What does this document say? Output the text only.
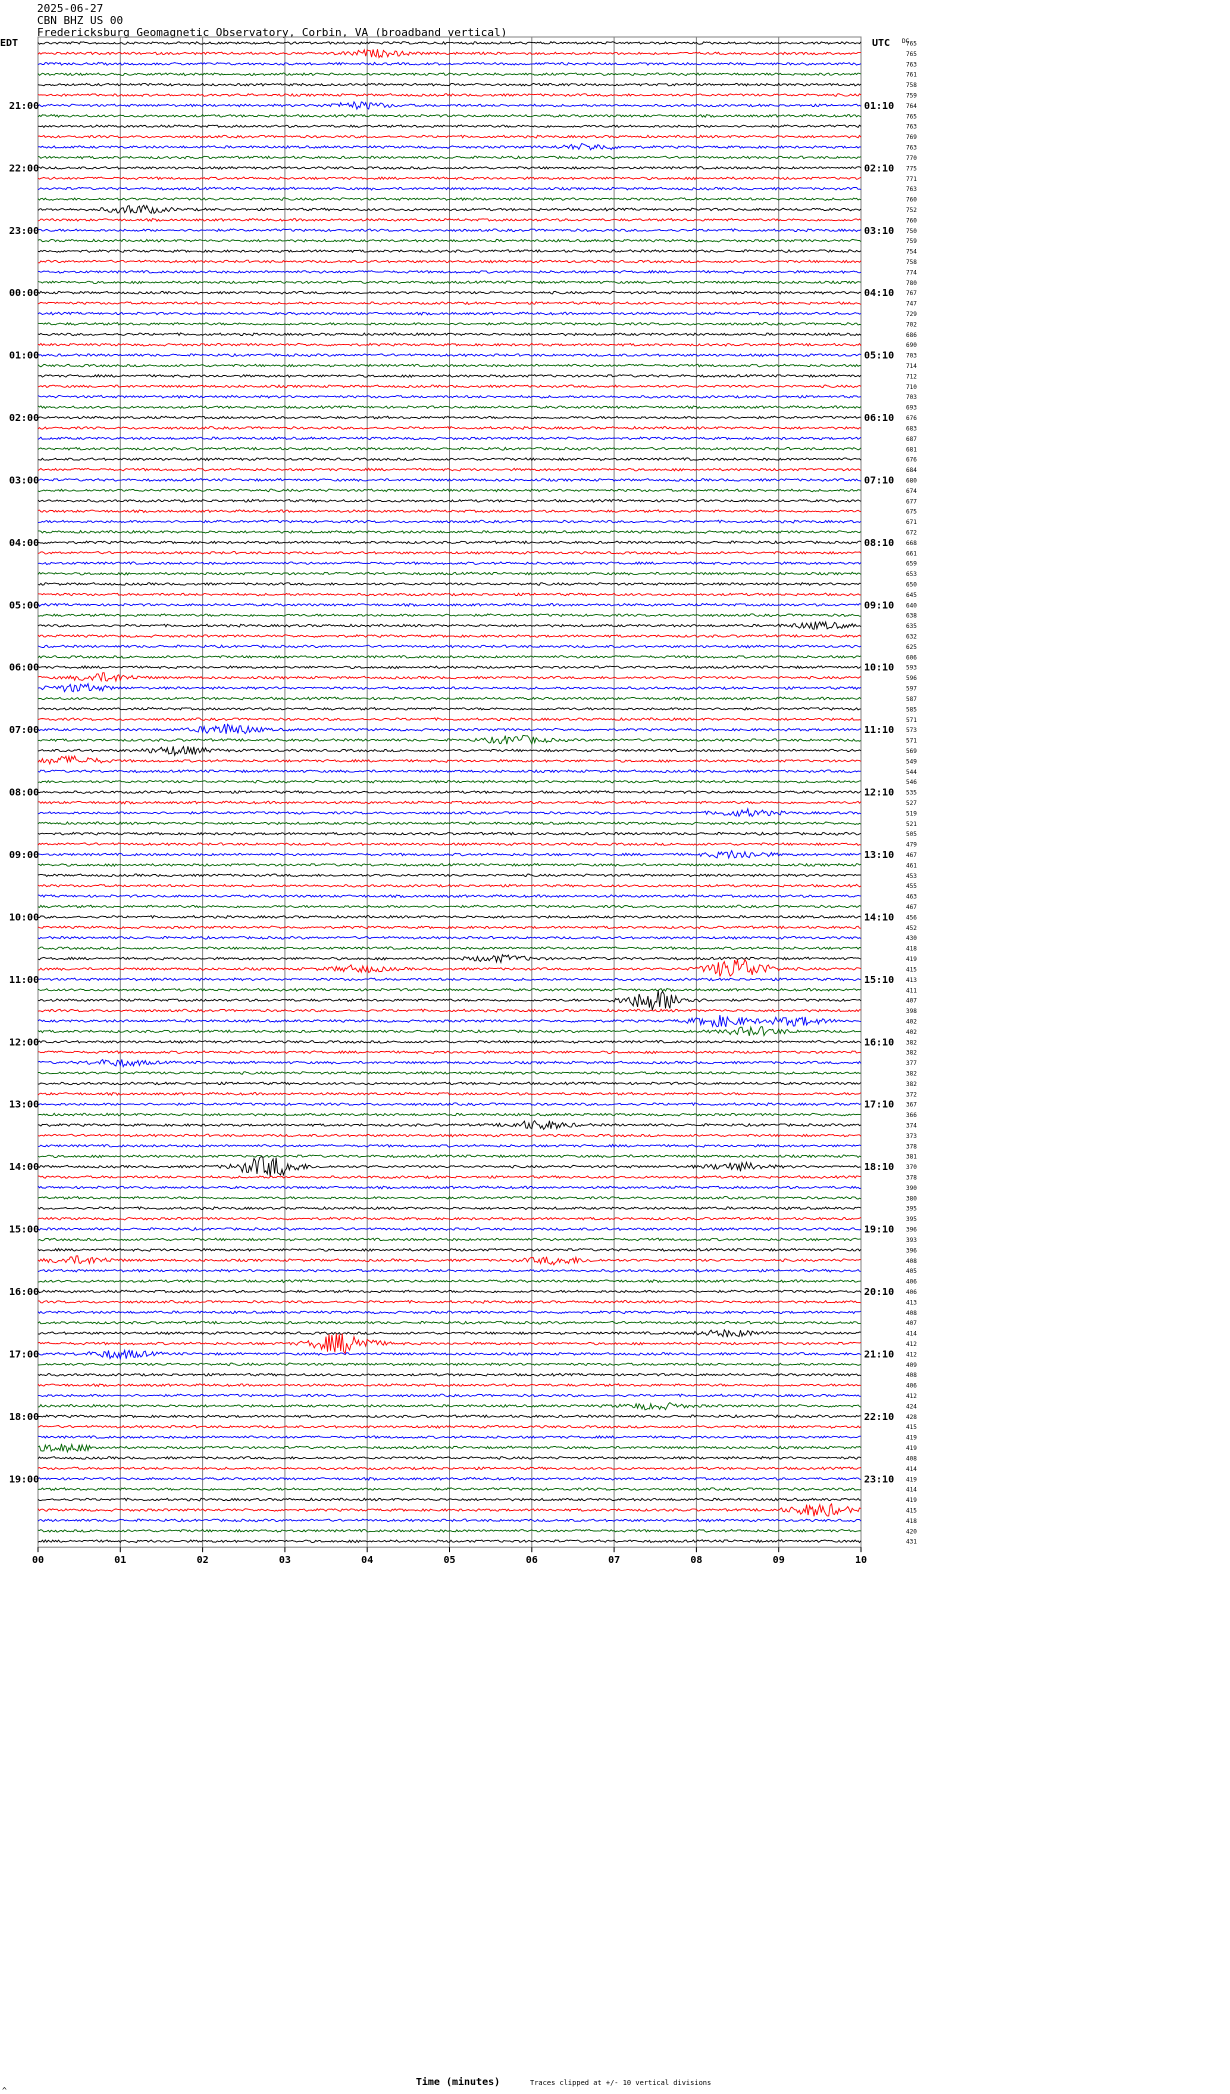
2025-06-27
CBN BHZ US 00
Fredericksburg Geomagnetic Observatory, Corbin, VA (broadband vertical)
EDT	UTC DC
Time (minutes)	Traces clipped at +/- 10 vertical divisions
^
00	01	02	03	04	05	06	07	08	09	10
765
765
763
761
758
759
764
765
763
769
763
770
775
771
763
760
752
760
750
759
754
758
774
780
767
747
729
702
686
690
703
714
712
710
703
693
676
683
687
681
676
684
680
674
677
675
671
672
668
661
659
653
650
645
640
638
635
632
625
606
593
596
597
587
585
571
573
571
569
549
544
546
535
527
519
521
505
479
467
461
453
455
463
467
456
452
430
418
419
415
413
411
407
398
402
402
382
382
377
382
382
372
367
366
374
373
378
381
370
378
390
380
395
395
396
393
396
408
405
406
406
413
408
407
414
412
412
409
408
406
412
424
428
415
419
419
408
414
419
414
419
415
418
420
431
21:00
22:00
23:00
00:00
01:00
02:00
03:00
04:00
05:00
06:00
07:00
08:00
09:00
10:00
11:00
12:00
13:00
14:00
15:00
16:00
17:00
18:00
19:00
01:10
02:10
03:10
04:10
05:10
06:10
07:10
08:10
09:10
10:10
11:10
12:10
13:10
14:10
15:10
16:10
17:10
18:10
19:10
20:10
21:10
22:10
23:10
